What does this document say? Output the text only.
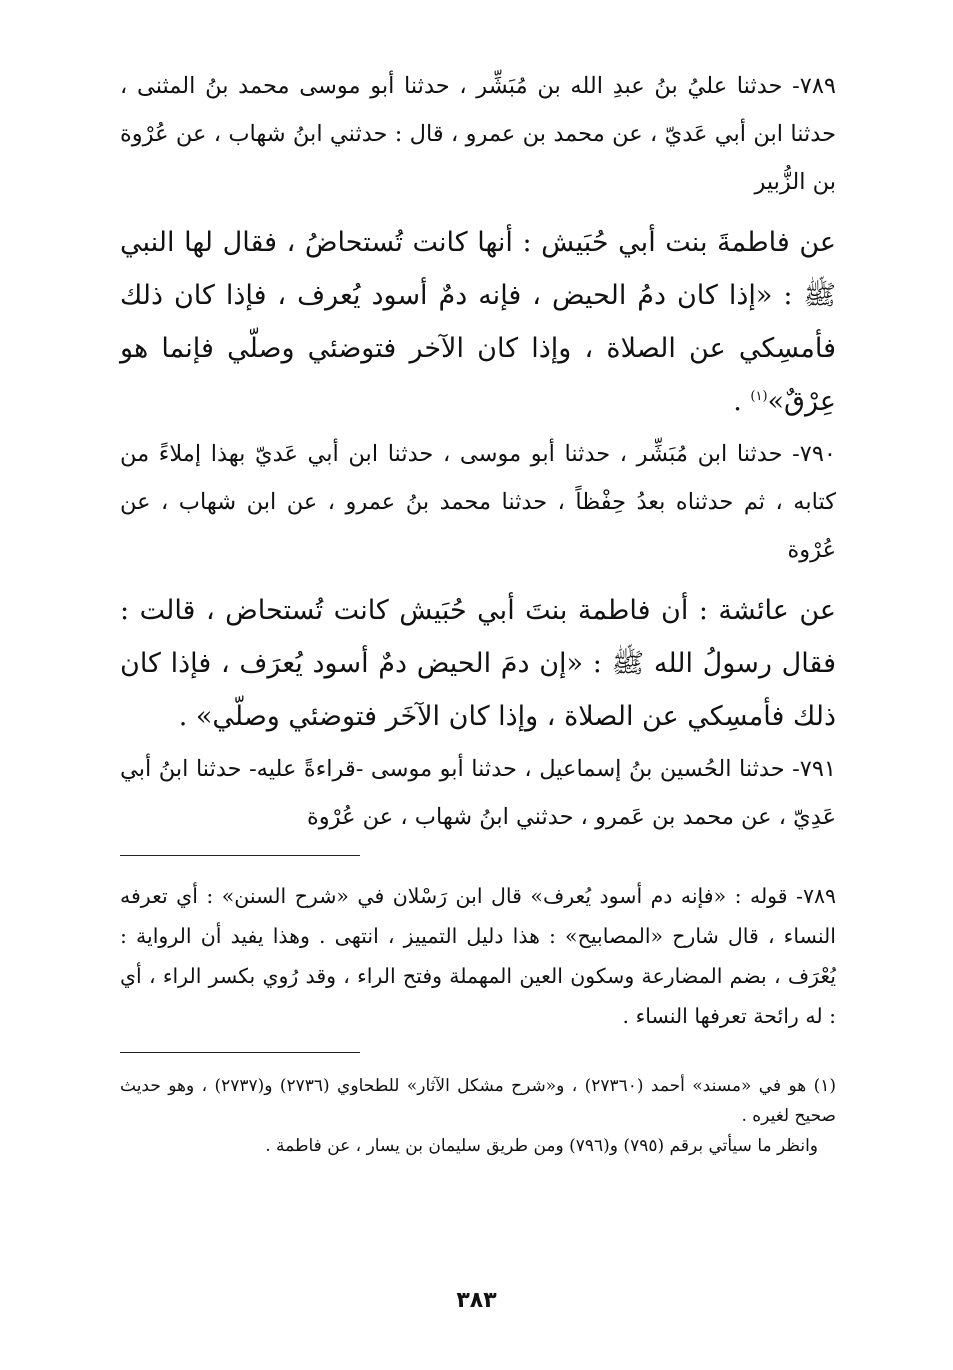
٧٨٩- حدثنا عليُ بنُ عبدِ الله بن مُبَشِّر ، حدثنا أبو موسى محمد بنُ المثنى ، حدثنا ابن أبي عَديّ ، عن محمد بن عمرو ، قال : حدثني ابنُ شهاب ، عن عُرْوة بن الزُّبير

عن فاطمةَ بنت أبي حُبَيش : أنها كانت تُستحاضُ ، فقال لها النبي ﷺ : «إذا كان دمُ الحيض ، فإنه دمٌ أسود يُعرف ، فإذا كان ذلك فأمسِكي عن الصلاة ، وإذا كان الآخر فتوضئي وصلّي فإنما هو عِرْقٌ»$^{(١)}$ .

٧٩٠- حدثنا ابن مُبَشِّر ، حدثنا أبو موسى ، حدثنا ابن أبي عَديّ بهذا إملاءً من كتابه ، ثم حدثناه بعدُ حِفْظاً ، حدثنا محمد بنُ عمرو ، عن ابن شهاب ، عن عُرْوة

عن عائشة : أن فاطمة بنتَ أبي حُبَيش كانت تُستحاض ، قالت : فقال رسولُ الله ﷺ : «إن دمَ الحيض دمٌ أسود يُعرَف ، فإذا كان ذلك فأمسِكي عن الصلاة ، وإذا كان الآخَر فتوضئي وصلّي» .

٧٩١- حدثنا الحُسين بنُ إسماعيل ، حدثنا أبو موسى -قراءةً عليه- حدثنا ابنُ أبي عَدِيّ ، عن محمد بن عَمرو ، حدثني ابنُ شهاب ، عن عُرْوة

٧٨٩- قوله : «فإنه دم أسود يُعرف» قال ابن رَسْلان في «شرح السنن» : أي تعرفه النساء ، قال شارح «المصابيح» : هذا دليل التمييز ، انتهى . وهذا يفيد أن الرواية : يُعْرَف ، بضم المضارعة وسكون العين المهملة وفتح الراء ، وقد رُوي بكسر الراء ، أي : له رائحة تعرفها النساء .

(١) هو في «مسند» أحمد (٢٧٣٦٠) ، و«شرح مشكل الآثار» للطحاوي (٢٧٣٦) و(٢٧٣٧) ، وهو حديث صحيح لغيره .

وانظر ما سيأتي برقم (٧٩٥) و(٧٩٦) ومن طريق سليمان بن يسار ، عن فاطمة .

٣٨٣
